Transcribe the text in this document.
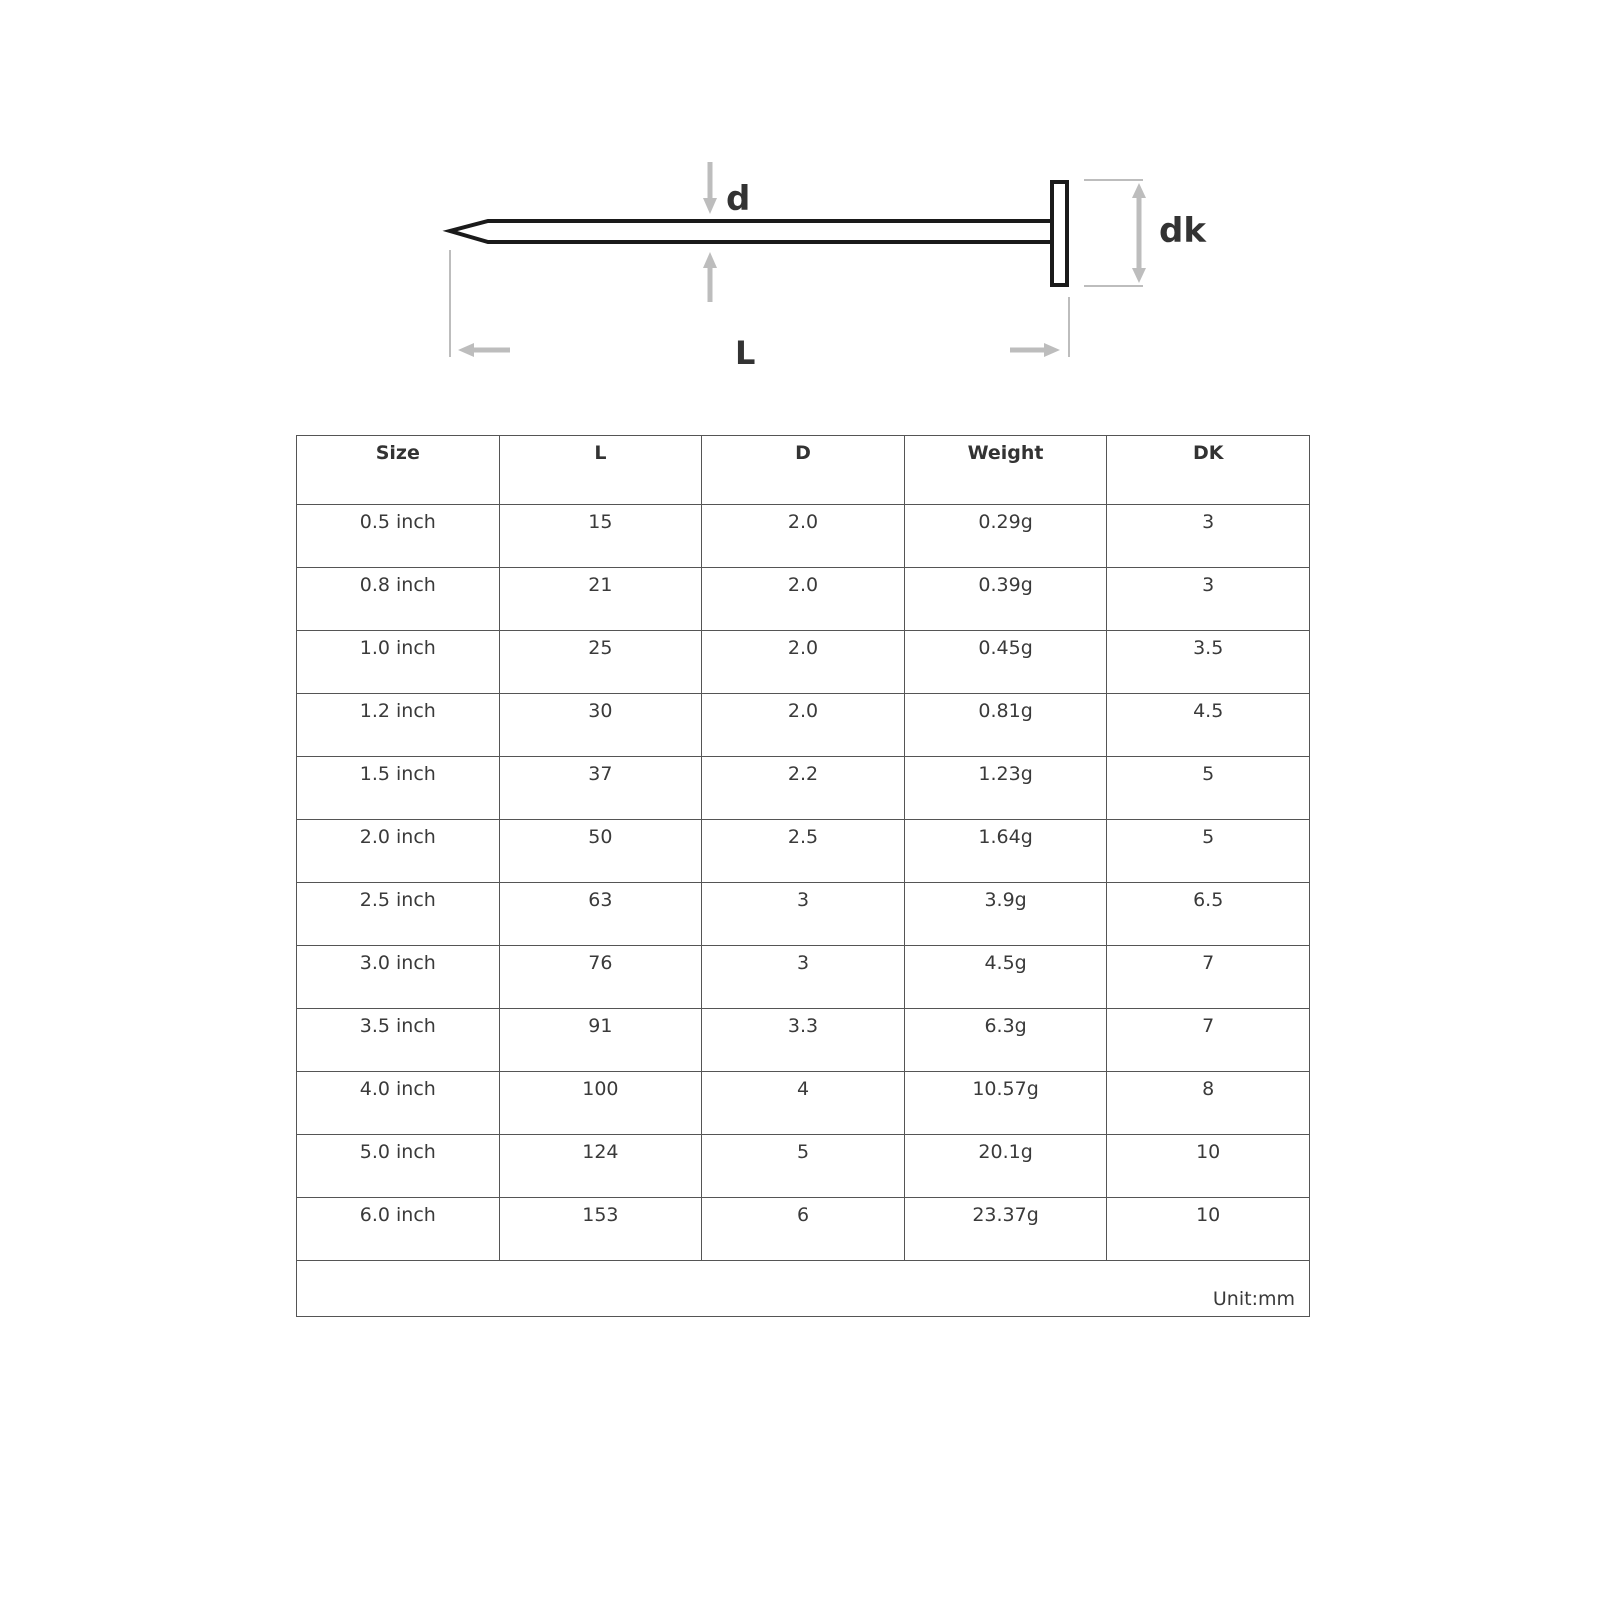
d
dk
L
Size	L	D	Weight	DK
0.5 inch	15	2.0	0.29g	3
0.8 inch	21	2.0	0.39g	3
1.0 inch	25	2.0	0.45g	3.5
1.2 inch	30	2.0	0.81g	4.5
1.5 inch	37	2.2	1.23g	5
2.0 inch	50	2.5	1.64g	5
2.5 inch	63	3	3.9g	6.5
3.0 inch	76	3	4.5g	7
3.5 inch	91	3.3	6.3g	7
4.0 inch	100	4	10.57g	8
5.0 inch	124	5	20.1g	10
6.0 inch	153	6	23.37g	10
Unit:mm				
